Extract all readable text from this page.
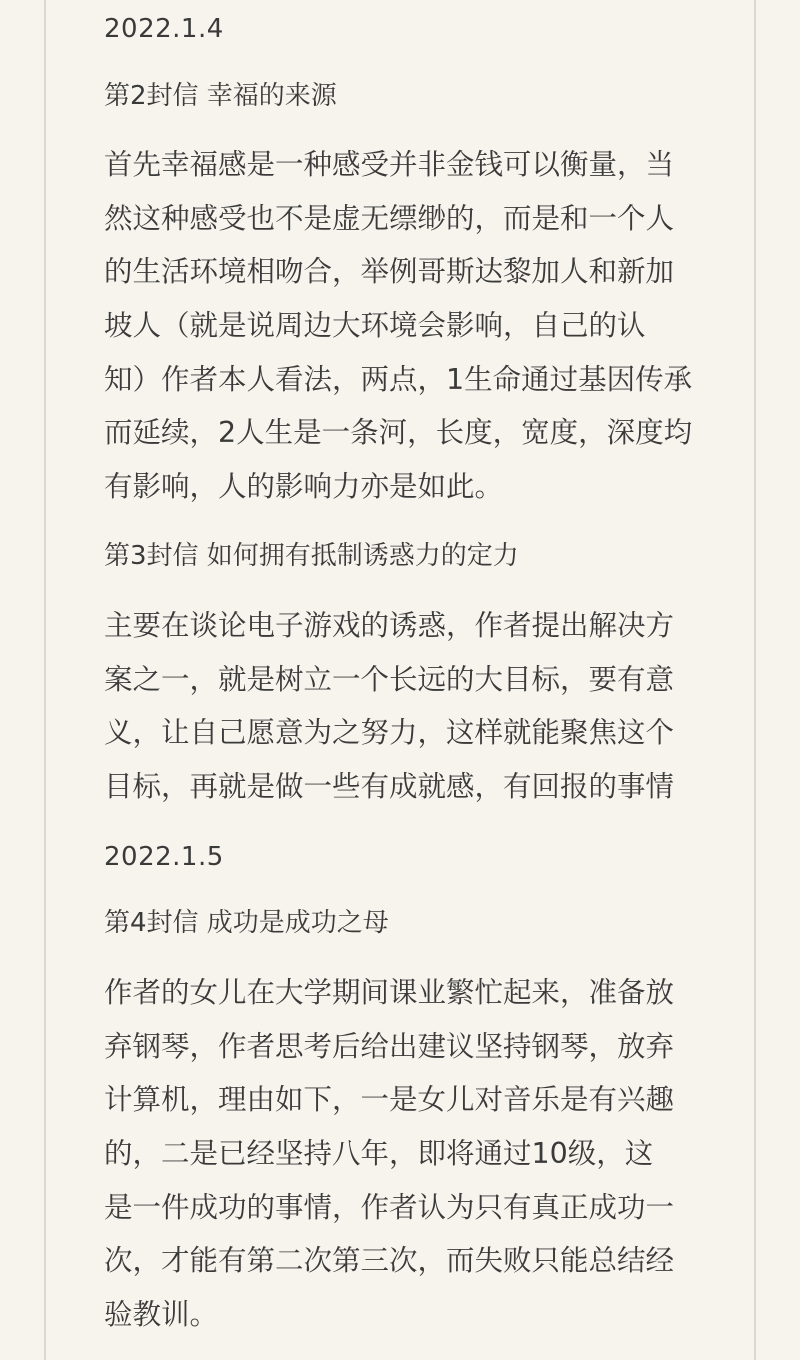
2022.1.4
第2封信 幸福的来源
首先幸福感是一种感受并非金钱可以衡量，当
然这种感受也不是虚无缥缈的，而是和一个人
的生活环境相吻合，举例哥斯达黎加人和新加
坡人（就是说周边大环境会影响，自己的认
知）作者本人看法，两点，1生命通过基因传承
而延续，2人生是一条河，长度，宽度，深度均
有影响，人的影响力亦是如此。
第3封信 如何拥有抵制诱惑力的定力
主要在谈论电子游戏的诱惑，作者提出解决方
案之一，就是树立一个长远的大目标，要有意
义，让自己愿意为之努力，这样就能聚焦这个
目标，再就是做一些有成就感，有回报的事情
2022.1.5
第4封信 成功是成功之母
作者的女儿在大学期间课业繁忙起来，准备放
弃钢琴，作者思考后给出建议坚持钢琴，放弃
计算机，理由如下，一是女儿对音乐是有兴趣
的，二是已经坚持八年，即将通过10级，这
是一件成功的事情，作者认为只有真正成功一
次，才能有第二次第三次，而失败只能总结经
验教训。
